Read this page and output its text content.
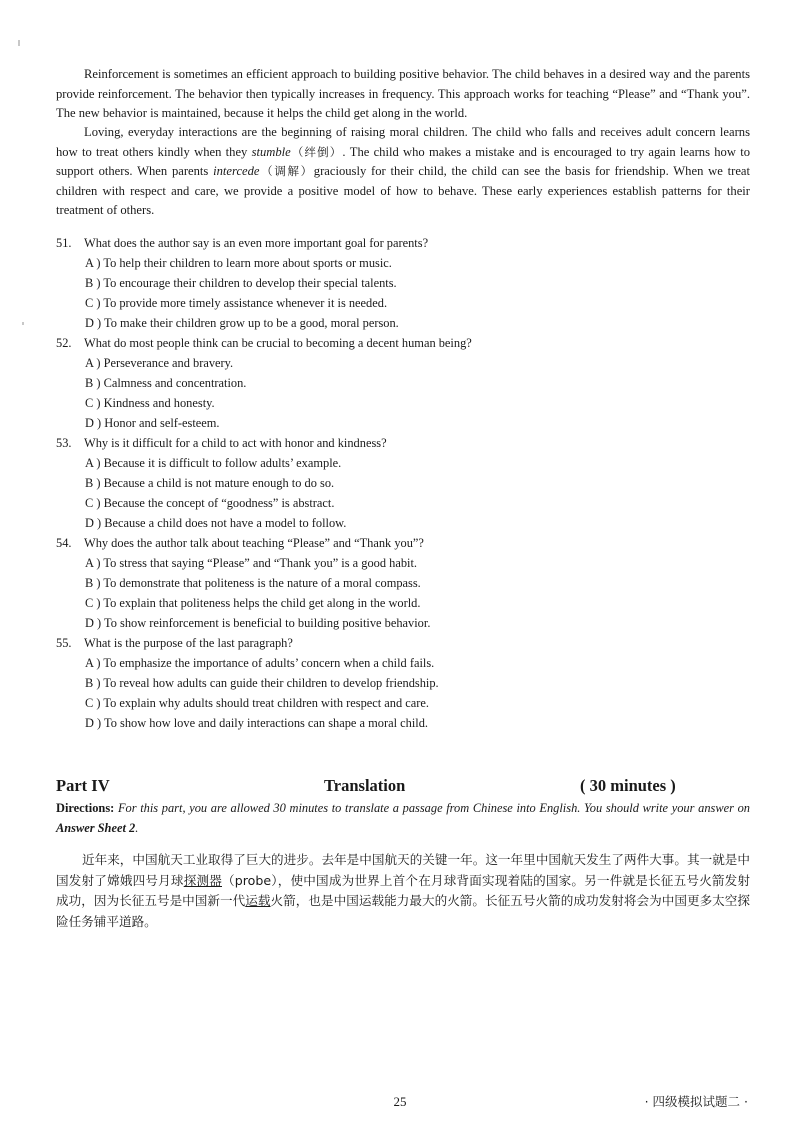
Reinforcement is sometimes an efficient approach to building positive behavior. The child behaves in a desired way and the parents provide reinforcement. The behavior then typically increases in frequency. This approach works for teaching “Please” and “Thank you”. The new behavior is maintained, because it helps the child get along in the world.

Loving, everyday interactions are the beginning of raising moral children. The child who falls and receives adult concern learns how to treat others kindly when they stumble（绊倒）. The child who makes a mistake and is encouraged to try again learns how to support others. When parents intercede（调解）graciously for their child, the child can see the basis for friendship. When we treat children with respect and care, we provide a positive model of how to behave. These early experiences establish patterns for their treatment of others.

51.	What does the author say is an even more important goal for parents?
A ) To help their children to learn more about sports or music.
B ) To encourage their children to develop their special talents.
C ) To provide more timely assistance whenever it is needed.
D ) To make their children grow up to be a good, moral person.
52.	What do most people think can be crucial to becoming a decent human being?
A ) Perseverance and bravery.
B ) Calmness and concentration.
C ) Kindness and honesty.
D ) Honor and self-esteem.
53.	Why is it difficult for a child to act with honor and kindness?
A ) Because it is difficult to follow adults’ example.
B ) Because a child is not mature enough to do so.
C ) Because the concept of “goodness” is abstract.
D ) Because a child does not have a model to follow.
54.	Why does the author talk about teaching “Please” and “Thank you”?
A ) To stress that saying “Please” and “Thank you” is a good habit.
B ) To demonstrate that politeness is the nature of a moral compass.
C ) To explain that politeness helps the child get along in the world.
D ) To show reinforcement is beneficial to building positive behavior.
55.	What is the purpose of the last paragraph?
A ) To emphasize the importance of adults’ concern when a child fails.
B ) To reveal how adults can guide their children to develop friendship.
C ) To explain why adults should treat children with respect and care.
D ) To show how love and daily interactions can shape a moral child.
Part IV	Translation	( 30 minutes )
Directions: For this part, you are allowed 30 minutes to translate a passage from Chinese into English. You should write your answer on Answer Sheet 2.

近年来，中国航天工业取得了巨大的进步。去年是中国航天的关键一年。这一年里中国航天发生了两件大事。其一就是中国发射了嫦娥四号月球探测器（probe），使中国成为世界上首个在月球背面实现着陆的国家。另一件就是长征五号火箭发射成功，因为长征五号是中国新一代运载火箭，也是中国运载能力最大的火箭。长征五号火箭的成功发射将会为中国更多太空探险任务铺平道路。

25	· 四级模拟试题二 ·
